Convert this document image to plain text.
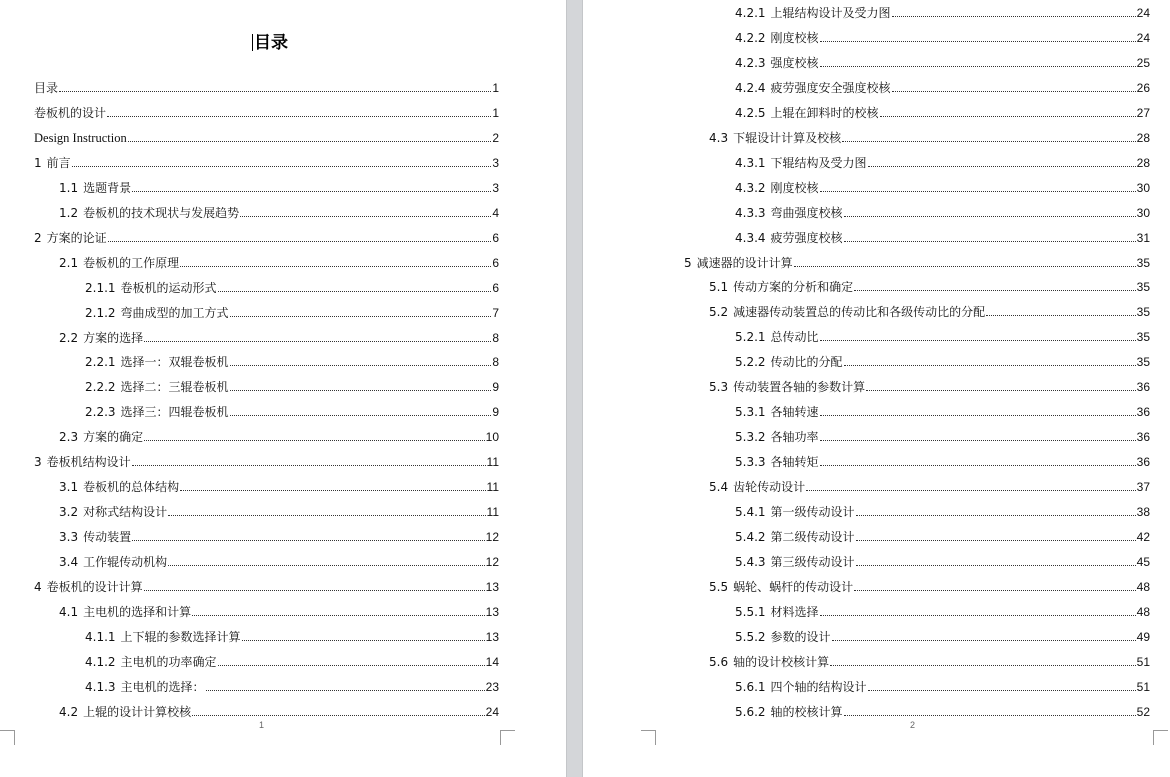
目录
目录	1
卷板机的设计	1
Design Instruction	2
1 前言	3
1.1 选题背景	3
1.2 卷板机的技术现状与发展趋势	4
2 方案的论证	6
2.1 卷板机的工作原理	6
2.1.1 卷板机的运动形式	6
2.1.2 弯曲成型的加工方式	7
2.2 方案的选择	8
2.2.1 选择一：双辊卷板机	8
2.2.2 选择二：三辊卷板机	9
2.2.3 选择三：四辊卷板机	9
2.3 方案的确定	10
3 卷板机结构设计	11
3.1 卷板机的总体结构	11
3.2 对称式结构设计	11
3.3 传动装置	12
3.4 工作辊传动机构	12
4 卷板机的设计计算	13
4.1 主电机的选择和计算	13
4.1.1 上下辊的参数选择计算	13
4.1.2 主电机的功率确定	14
4.1.3 主电机的选择：	23
4.2 上辊的设计计算校核	24
1
4.2.1 上辊结构设计及受力图	24
4.2.2 刚度校核	24
4.2.3 强度校核	25
4.2.4 疲劳强度安全强度校核	26
4.2.5 上辊在卸料时的校核	27
4.3 下辊设计计算及校核	28
4.3.1 下辊结构及受力图	28
4.3.2 刚度校核	30
4.3.3 弯曲强度校核	30
4.3.4 疲劳强度校核	31
5 减速器的设计计算	35
5.1 传动方案的分析和确定	35
5.2 减速器传动装置总的传动比和各级传动比的分配	35
5.2.1 总传动比	35
5.2.2 传动比的分配	35
5.3 传动装置各轴的参数计算	36
5.3.1 各轴转速	36
5.3.2 各轴功率	36
5.3.3 各轴转矩	36
5.4 齿轮传动设计	37
5.4.1 第一级传动设计	38
5.4.2 第二级传动设计	42
5.4.3 第三级传动设计	45
5.5 蜗轮、蜗杆的传动设计	48
5.5.1 材料选择	48
5.5.2 参数的设计	49
5.6 轴的设计校核计算	51
5.6.1 四个轴的结构设计	51
5.6.2 轴的校核计算	52
2
